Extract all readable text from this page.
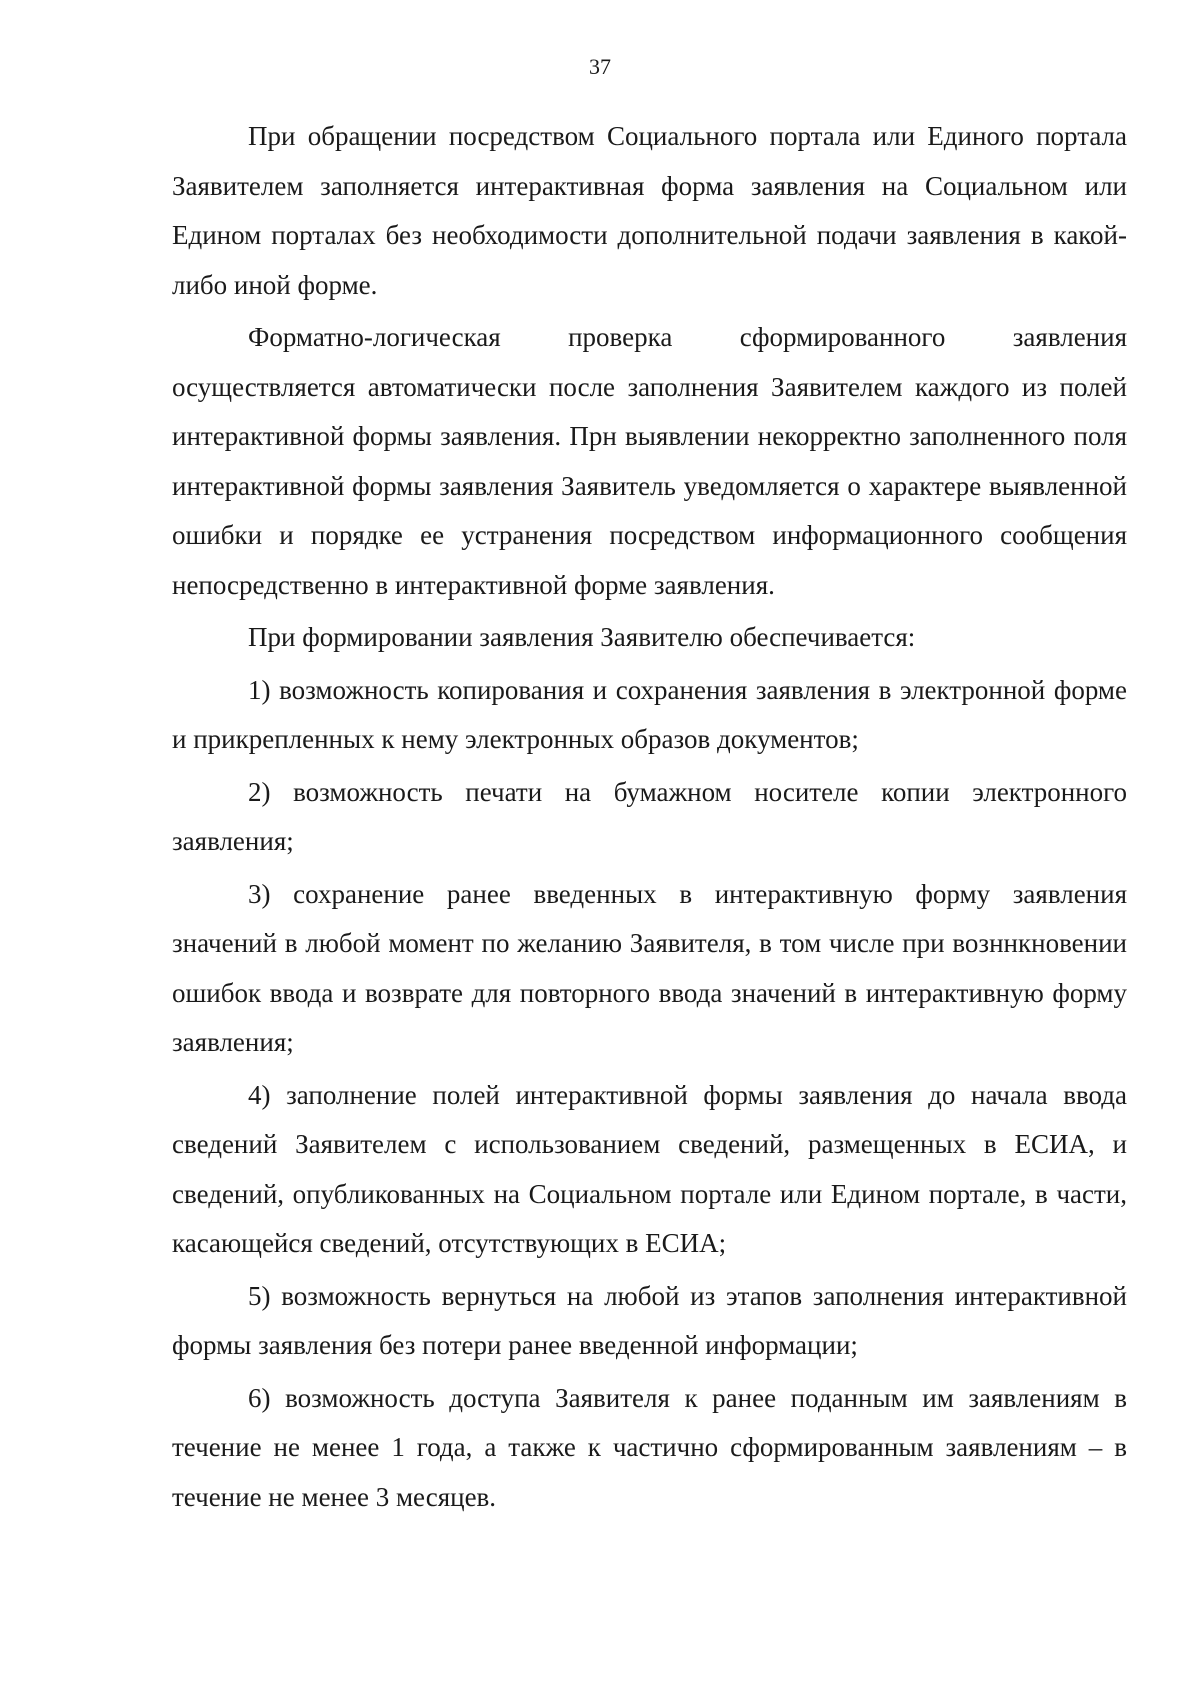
37

При обращении посредством Социального портала или Единого портала Заявителем заполняется интерактивная форма заявления на Социальном или Едином порталах без необходимости дополнительной подачи заявления в какой-либо иной форме.

Форматно-логическая проверка сформированного заявления осуществляется автоматически после заполнения Заявителем каждого из полей интерактивной формы заявления. Прн выявлении некорректно заполненного поля интерактивной формы заявления Заявитель уведомляется о характере выявленной ошибки и порядке ее устранения посредством информационного сообщения непосредственно в интерактивной форме заявления.

При формировании заявления Заявителю обеспечивается:

1) возможность копирования и сохранения заявления в электронной форме и прикрепленных к нему электронных образов документов;

2) возможность печати на бумажном носителе копии электронного заявления;

3) сохранение ранее введенных в интерактивную форму заявления значений в любой момент по желанию Заявителя, в том числе при возннкновении ошибок ввода и возврате для повторного ввода значений в интерактивную форму заявления;

4) заполнение полей интерактивной формы заявления до начала ввода сведений Заявителем с использованием сведений, размещенных в ЕСИА, и сведений, опубликованных на Социальном портале или Едином портале, в части, касающейся сведений, отсутствующих в ЕСИА;

5) возможность вернуться на любой из этапов заполнения интерактивной формы заявления без потери ранее введенной информации;

6) возможность доступа Заявителя к ранее поданным им заявлениям в течение не менее 1 года, а также к частично сформированным заявлениям – в течение не менее 3 месяцев.
